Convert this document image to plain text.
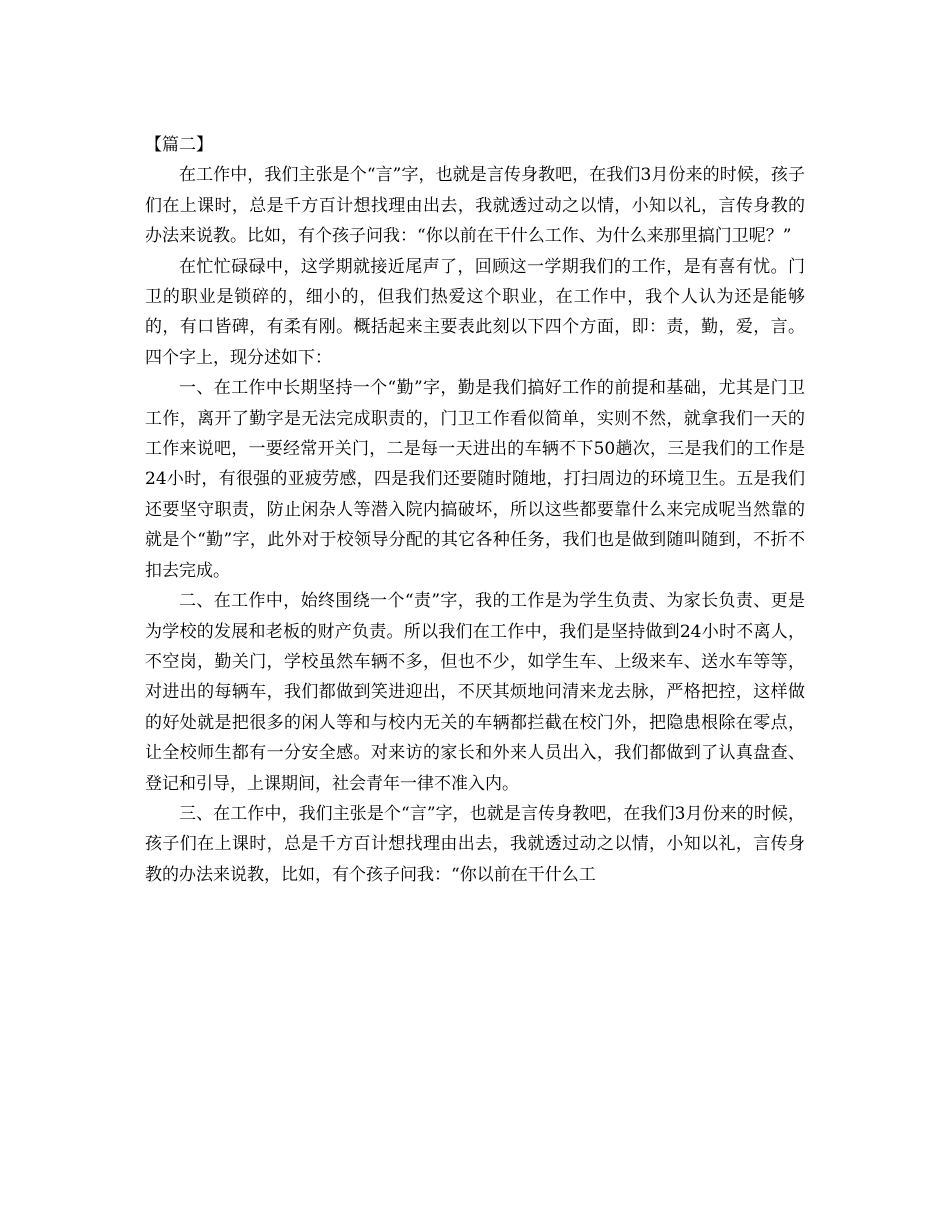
【篇二】

在工作中，我们主张是个“言”字，也就是言传身教吧，在我们3月份来的时候，孩子们在上课时，总是千方百计想找理由出去，我就透过动之以情，小知以礼，言传身教的办法来说教。比如，有个孩子问我：“你以前在干什么工作、为什么来那里搞门卫呢？”

在忙忙碌碌中，这学期就接近尾声了，回顾这一学期我们的工作，是有喜有忧。门卫的职业是锁碎的，细小的，但我们热爱这个职业，在工作中，我个人认为还是能够的，有口皆碑，有柔有刚。概括起来主要表此刻以下四个方面，即：责，勤，爱，言。四个字上，现分述如下：

一、在工作中长期坚持一个“勤”字，勤是我们搞好工作的前提和基础，尤其是门卫工作，离开了勤字是无法完成职责的，门卫工作看似简单，实则不然，就拿我们一天的工作来说吧，一要经常开关门，二是每一天进出的车辆不下50趟次，三是我们的工作是24小时，有很强的亚疲劳感，四是我们还要随时随地，打扫周边的环境卫生。五是我们还要坚守职责，防止闲杂人等潜入院内搞破坏，所以这些都要靠什么来完成呢当然靠的就是个“勤”字，此外对于校领导分配的其它各种任务，我们也是做到随叫随到，不折不扣去完成。

二、在工作中，始终围绕一个“责”字，我的工作是为学生负责、为家长负责、更是为学校的发展和老板的财产负责。所以我们在工作中，我们是坚持做到24小时不离人，不空岗，勤关门，学校虽然车辆不多，但也不少，如学生车、上级来车、送水车等等，对进出的每辆车，我们都做到笑进迎出，不厌其烦地问清来龙去脉，严格把控，这样做的好处就是把很多的闲人等和与校内无关的车辆都拦截在校门外，把隐患根除在零点，让全校师生都有一分安全感。对来访的家长和外来人员出入，我们都做到了认真盘查、登记和引导，上课期间，社会青年一律不准入内。

三、在工作中，我们主张是个“言”字，也就是言传身教吧，在我们3月份来的时候，孩子们在上课时，总是千方百计想找理由出去，我就透过动之以情，小知以礼，言传身教的办法来说教，比如，有个孩子问我：“你以前在干什么工
